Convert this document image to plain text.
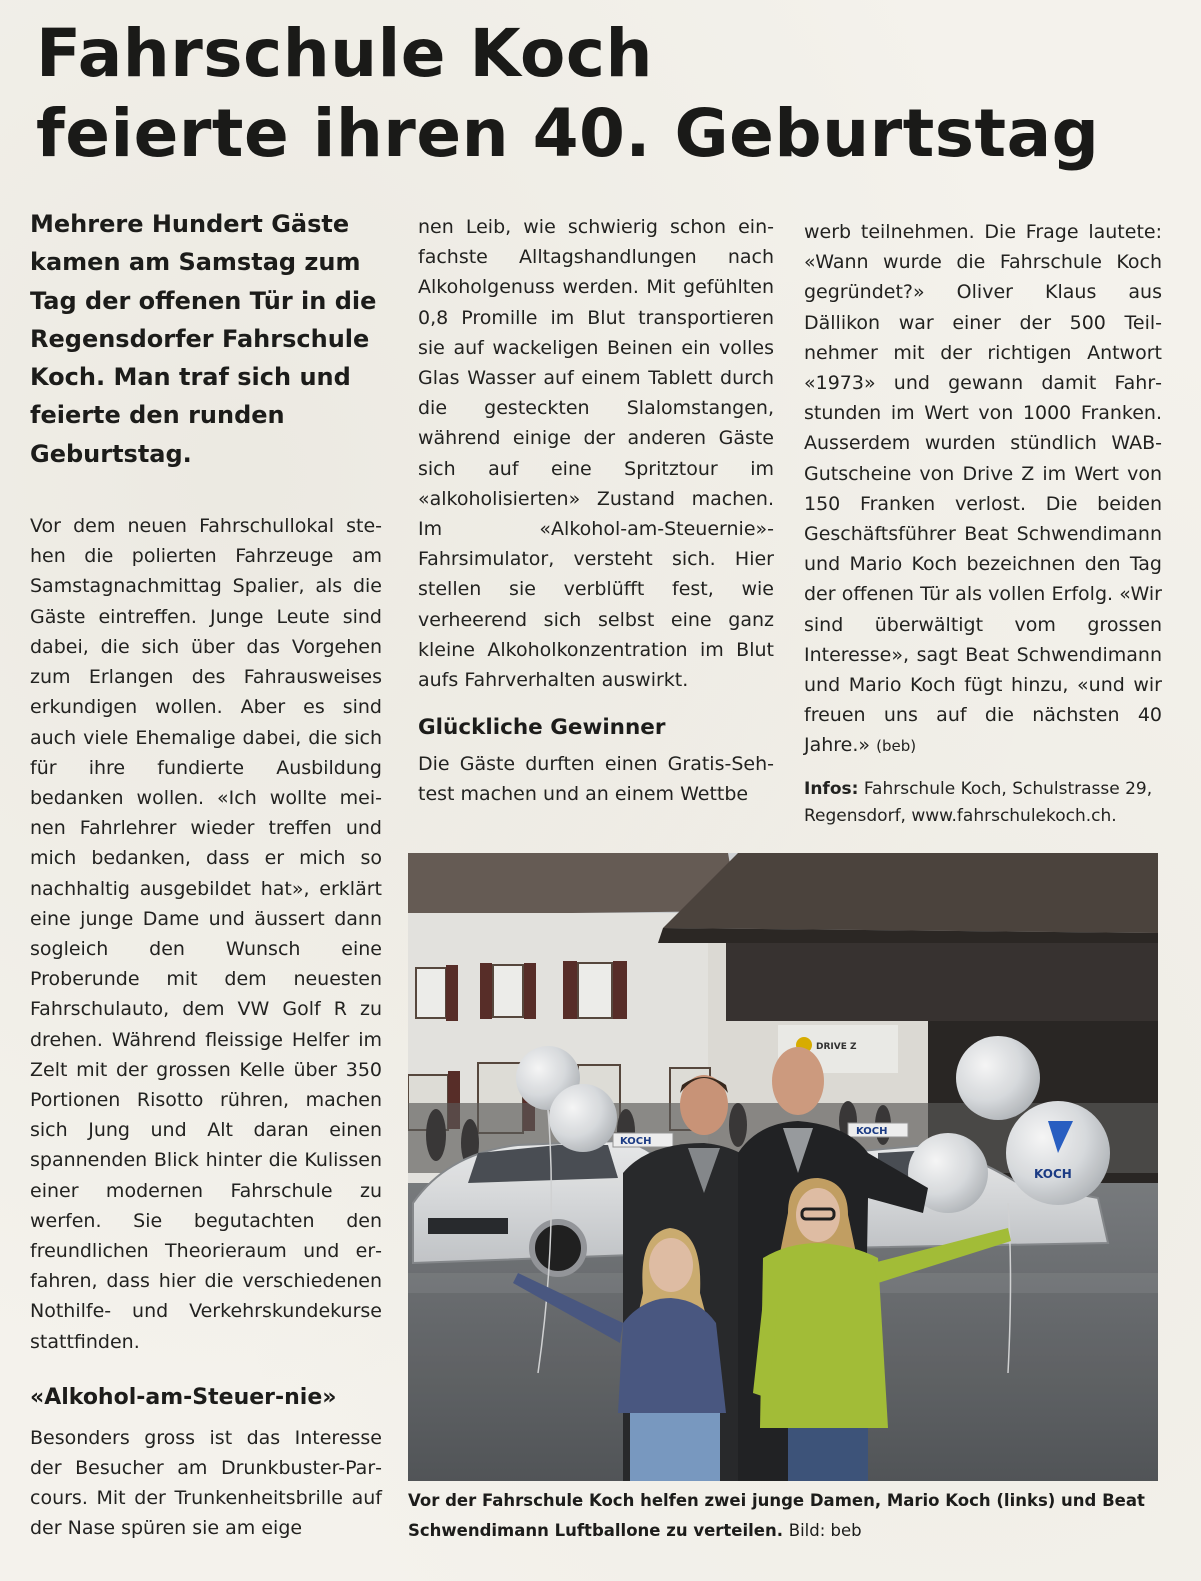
Fahrschule Koch
feierte ihren 40. Geburtstag

Mehrere Hundert Gäste kamen am Samstag zum Tag der offenen Tür in die Regensdorfer Fahrschule Koch. Man traf sich und feierte den runden Geburtstag.

Vor dem neuen Fahrschullokal stehen die polierten Fahrzeuge am Samstagnachmittag Spalier, als die Gäste eintreffen. Junge Leute sind dabei, die sich über das Vorgehen zum Erlangen des Fahrausweises erkundigen wollen. Aber es sind auch viele Ehemalige dabei, die sich für ihre fundierte Ausbildung bedanken wollen. «Ich wollte meinen Fahrlehrer wieder treffen und mich bedanken, dass er mich so nachhaltig ausgebildet hat», erklärt eine junge Dame und äussert dann sogleich den Wunsch eine Proberunde mit dem neuesten Fahrschulauto, dem VW Golf R zu drehen. Während fleissige Helfer im Zelt mit der grossen Kelle über 350 Portionen Risotto rühren, machen sich Jung und Alt daran einen spannenden Blick hinter die Kulissen einer modernen Fahrschule zu werfen. Sie begutachten den freundlichen Theorieraum und erfahren, dass hier die verschiedenen Nothilfe- und Verkehrskundekurse stattfinden.

«Alkohol-am-Steuer-nie»

Besonders gross ist das Interesse der Besucher am Drunkbuster-Parcours. Mit der Trunkenheitsbrille auf der Nase spüren sie am eige

nen Leib, wie schwierig schon einfachste Alltagshandlungen nach Alkoholgenuss werden. Mit gefühlten 0,8 Promille im Blut transportieren sie auf wackeligen Beinen ein volles Glas Wasser auf einem Tablett durch die gesteckten Slalomstangen, während einige der anderen Gäste sich auf eine Spritztour im «alkoholisierten» Zustand machen. Im «Alkohol-am-Steuernie»-Fahrsimulator, versteht sich. Hier stellen sie verblüfft fest, wie verheerend sich selbst eine ganz kleine Alkoholkonzentration im Blut aufs Fahrverhalten auswirkt.

Glückliche Gewinner

Die Gäste durften einen Gratis-Sehtest machen und an einem Wettbe

werb teilnehmen. Die Frage lautete: «Wann wurde die Fahrschule Koch gegründet?» Oliver Klaus aus Dällikon war einer der 500 Teilnehmer mit der richtigen Antwort «1973» und gewann damit Fahrstunden im Wert von 1000 Franken. Ausserdem wurden stündlich WAB-Gutscheine von Drive Z im Wert von 150 Franken verlost. Die beiden Geschäftsführer Beat Schwendimann und Mario Koch bezeichnen den Tag der offenen Tür als vollen Erfolg. «Wir sind überwältigt vom grossen Interesse», sagt Beat Schwendimann und Mario Koch fügt hinzu, «und wir freuen uns auf die nächsten 40 Jahre.» (beb)

Infos: Fahrschule Koch, Schulstrasse 29, Regensdorf, www.fahrschulekoch.ch.

DRIVE Z
KOCH
KOCH
KOCH
Vor der Fahrschule Koch helfen zwei junge Damen, Mario Koch (links) und Beat Schwendimann Luftballone zu verteilen. Bild: beb
